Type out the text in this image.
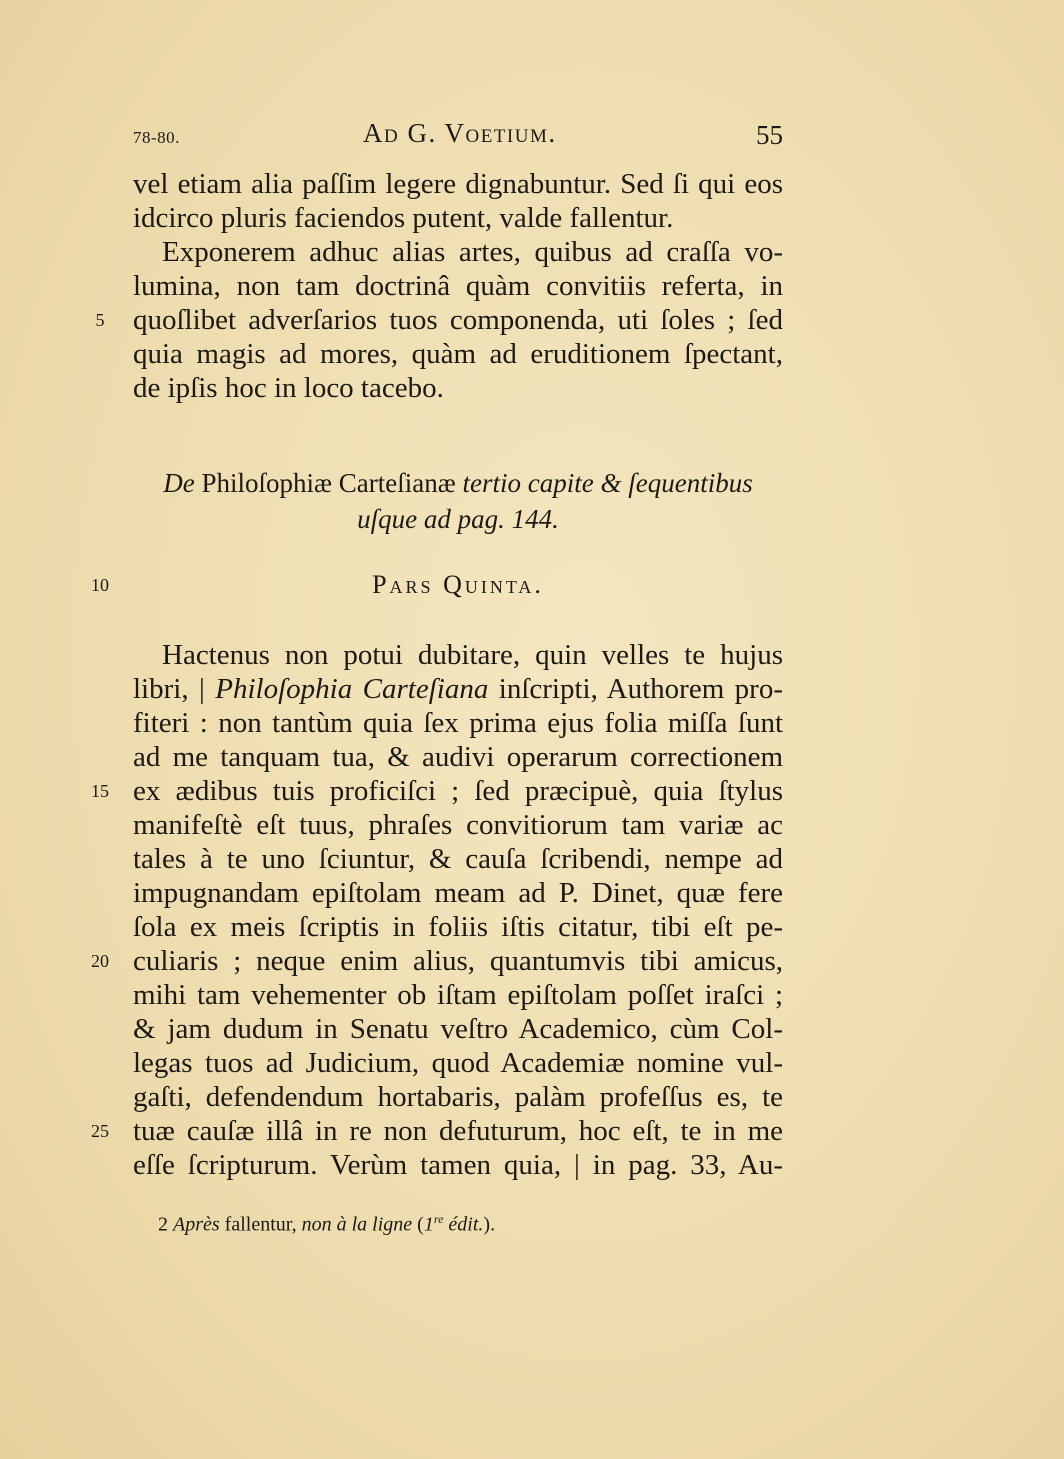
78-80.	Ad G. Voetium.	55
vel etiam alia paſſim legere dignabuntur. Sed ſi qui eos
idcirco pluris faciendos putent, valde fallentur.
Exponerem adhuc alias artes, quibus ad craſſa vo-
lumina, non tam doctrinâ quàm convitiis referta, in
quoſlibet adverſarios tuos componenda, uti ſoles ; ſed
quia magis ad mores, quàm ad eruditionem ſpectant,
de ipſis hoc in loco tacebo.
5
De Philoſophiæ Carteſianæ tertio capite & ſequentibus
uſque ad pag. 144.
Pars Quinta.
10
Hactenus non potui dubitare, quin velles te hujus
libri, | Philoſophia Carteſiana inſcripti, Authorem pro-
fiteri : non tantùm quia ſex prima ejus folia miſſa ſunt
ad me tanquam tua, & audivi operarum correctionem
ex ædibus tuis proficiſci ; ſed præcipuè, quia ſtylus
manifeſtè eſt tuus, phraſes convitiorum tam variæ ac
tales à te uno ſciuntur, & cauſa ſcribendi, nempe ad
impugnandam epiſtolam meam ad P. Dinet, quæ fere
ſola ex meis ſcriptis in foliis iſtis citatur, tibi eſt pe-
culiaris ; neque enim alius, quantumvis tibi amicus,
mihi tam vehementer ob iſtam epiſtolam poſſet iraſci ;
& jam dudum in Senatu veſtro Academico, cùm Col-
legas tuos ad Judicium, quod Academiæ nomine vul-
gaſti, defendendum hortabaris, palàm profeſſus es, te
tuæ cauſæ illâ in re non defuturum, hoc eſt, te in me
eſſe ſcripturum. Verùm tamen quia, | in pag. 33, Au-
15
20
25
2 Après fallentur, non à la ligne (1re édit.).
